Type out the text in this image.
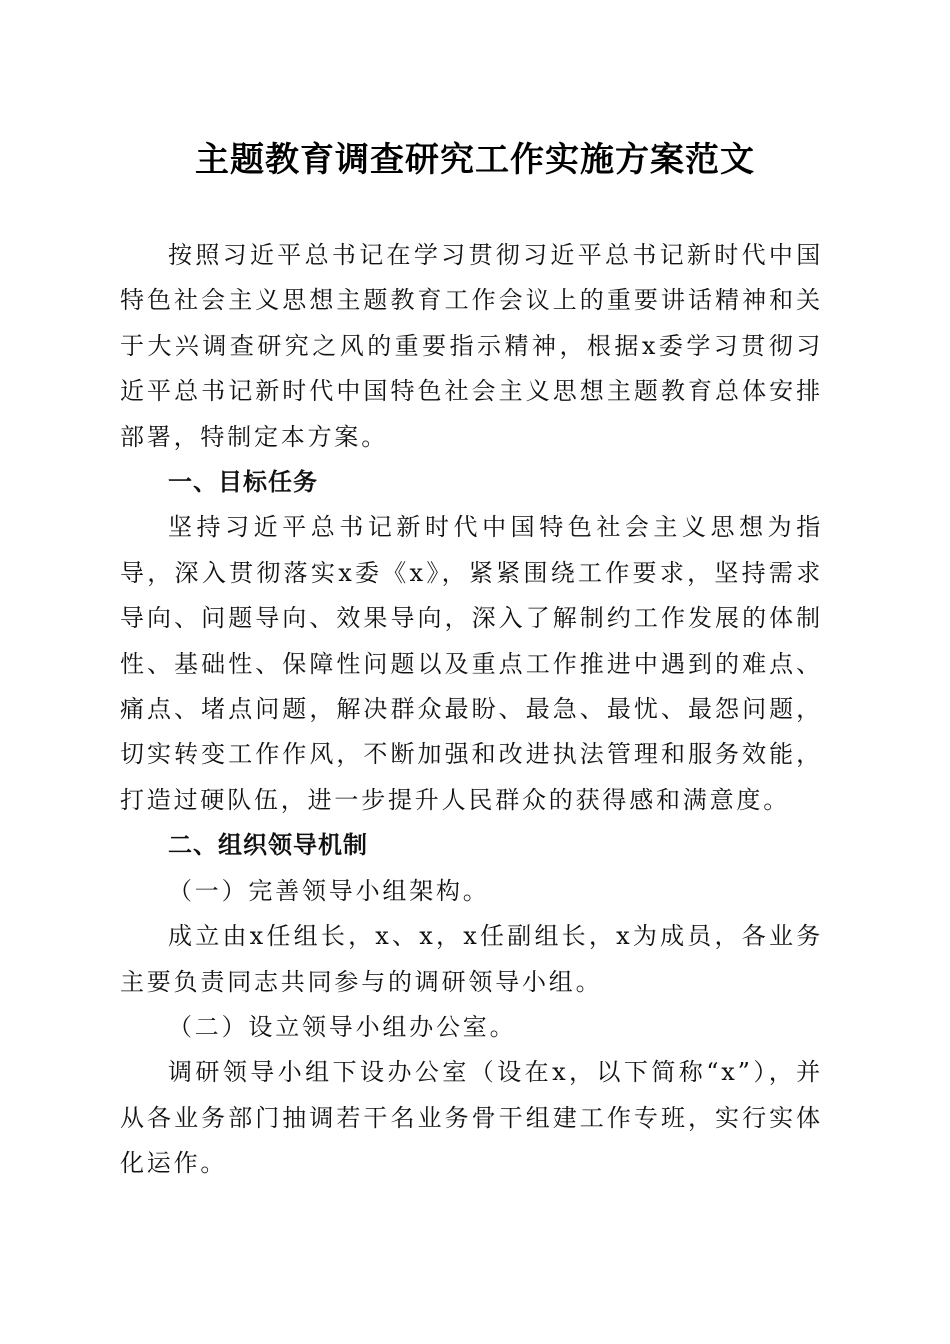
主题教育调查研究工作实施方案范文

按照习近平总书记在学习贯彻习近平总书记新时代中国特色社会主义思想主题教育工作会议上的重要讲话精神和关于大兴调查研究之风的重要指示精神，根据x委学习贯彻习近平总书记新时代中国特色社会主义思想主题教育总体安排部署，特制定本方案。

一、目标任务

坚持习近平总书记新时代中国特色社会主义思想为指导，深入贯彻落实x委《x》，紧紧围绕工作要求，坚持需求导向、问题导向、效果导向，深入了解制约工作发展的体制性、基础性、保障性问题以及重点工作推进中遇到的难点、痛点、堵点问题，解决群众最盼、最急、最忧、最怨问题，切实转变工作作风，不断加强和改进执法管理和服务效能，打造过硬队伍，进一步提升人民群众的获得感和满意度。

二、组织领导机制

（一）完善领导小组架构。

成立由x任组长，x、x，x任副组长，x为成员，各业务主要负责同志共同参与的调研领导小组。

（二）设立领导小组办公室。

调研领导小组下设办公室（设在x，以下简称“x”），并从各业务部门抽调若干名业务骨干组建工作专班，实行实体化运作。
